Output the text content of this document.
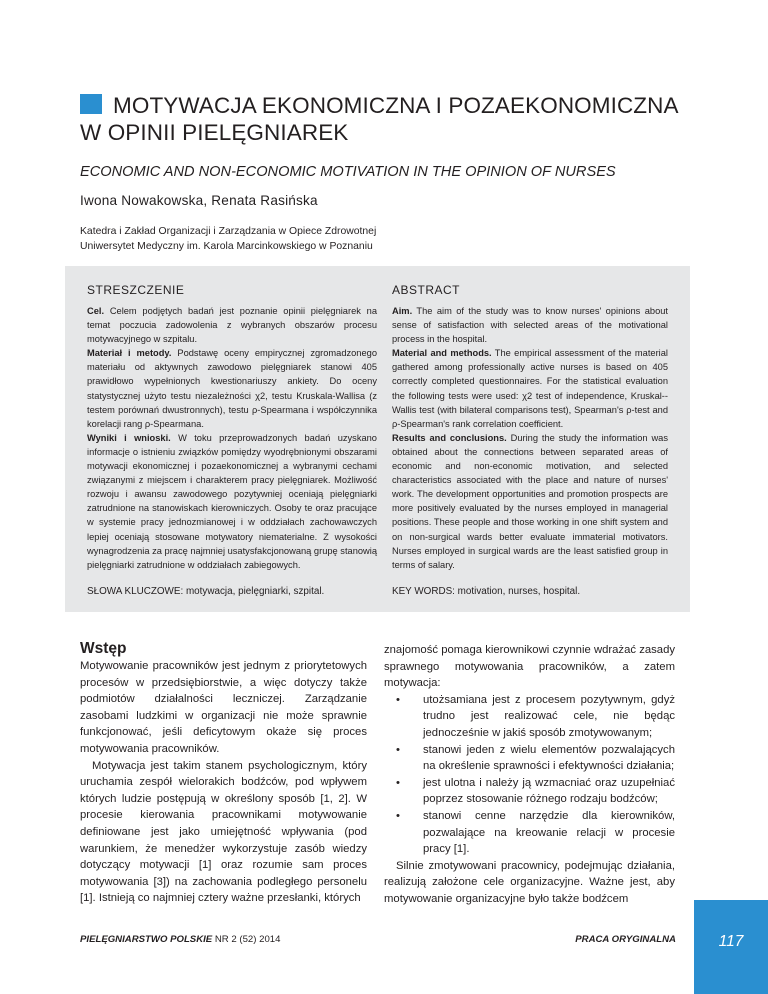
MOTYWACJA EKONOMICZNA I POZAEKONOMICZNA
W OPINII PIELĘGNIAREK
ECONOMIC AND NON-ECONOMIC MOTIVATION IN THE OPINION OF NURSES
Iwona Nowakowska, Renata Rasińska
Katedra i Zakład Organizacji i Zarządzania w Opiece Zdrowotnej
Uniwersytet Medyczny im. Karola Marcinkowskiego w Poznaniu
STRESZCZENIE
Cel. Celem podjętych badań jest poznanie opinii pielęgniarek na temat poczucia zadowolenia z wybranych obszarów procesu motywacyjnego w szpitalu.
Materiał i metody. Podstawę oceny empirycznej zgromadzonego materiału od aktywnych zawodowo pielęgniarek stanowi 405 prawidłowo wypełnionych kwestionariuszy ankiety. Do oceny statystycznej użyto testu niezależności χ2, testu Kruskala-Wallisa (z testem porównań dwustronnych), testu ρ-Spearmana i współczynnika korelacji rang ρ-Spearmana.
Wyniki i wnioski. W toku przeprowadzonych badań uzyskano informacje o istnieniu związków pomiędzy wyodrębnionymi obszarami motywacji ekonomicznej i pozaekonomicznej a wybranymi cechami związanymi z miejscem i charakterem pracy pielęgniarek. Możliwość rozwoju i awansu zawodowego pozytywniej oceniają pielęgniarki zatrudnione na stanowiskach kierowniczych. Osoby te oraz pracujące w systemie pracy jednozmianowej i w oddziałach zachowawczych lepiej oceniają stosowane motywatory niematerialne. Z wysokości wynagrodzenia za pracę najmniej usatysfakcjonowaną grupę stanowią pielęgniarki zatrudnione w oddziałach zabiegowych.
SŁOWA KLUCZOWE: motywacja, pielęgniarki, szpital.
ABSTRACT
Aim. The aim of the study was to know nurses' opinions about sense of satisfaction with selected areas of the motivational process in the hospital.
Material and methods. The empirical assessment of the material gathered among professionally active nurses is based on 405 correctly completed questionnaires. For the statistical evaluation the following tests were used: χ2 test of independence, Kruskal--Wallis test (with bilateral comparisons test), Spearman's ρ-test and ρ-Spearman's rank correlation coefficient.
Results and conclusions. During the study the information was obtained about the connections between separated areas of economic and non-economic motivation, and selected characteristics associated with the place and nature of nurses' work. The development opportunities and promotion prospects are more positively evaluated by the nurses employed in managerial positions. These people and those working in one shift system and on non-surgical wards better evaluate immaterial motivators. Nurses employed in surgical wards are the least satisfied group in terms of salary.
KEY WORDS: motivation, nurses, hospital.
Wstęp

Motywowanie pracowników jest jednym z priorytetowych procesów w przedsiębiorstwie, a więc dotyczy także podmiotów działalności leczniczej. Zarządzanie zasobami ludzkimi w organizacji nie może sprawnie funkcjonować, jeśli deficytowym okaże się proces motywowania pracowników.

Motywacja jest takim stanem psychologicznym, który uruchamia zespół wielorakich bodźców, pod wpływem których ludzie postępują w określony sposób [1, 2]. W procesie kierowania pracownikami motywowanie definiowane jest jako umiejętność wpływania (pod warunkiem, że menedżer wykorzystuje zasób wiedzy dotyczący motywacji [1] oraz rozumie sam proces motywowania [3]) na zachowania podległego personelu [1]. Istnieją co najmniej cztery ważne przesłanki, których

znajomość pomaga kierownikowi czynnie wdrażać zasady sprawnego motywowania pracowników, a zatem motywacja:

• utożsamiana jest z procesem pozytywnym, gdyż trudno jest realizować cele, nie będąc jednocześnie w jakiś sposób zmotywowanym;

• stanowi jeden z wielu elementów pozwalających na określenie sprawności i efektywności działania;

• jest ulotna i należy ją wzmacniać oraz uzupełniać poprzez stosowanie różnego rodzaju bodźców;

• stanowi cenne narzędzie dla kierowników, pozwalające na kreowanie relacji w procesie pracy [1].

Silnie zmotywowani pracownicy, podejmując działania, realizują założone cele organizacyjne. Ważne jest, aby motywowanie organizacyjne było także bodźcem

PIELĘGNIARSTWO POLSKIE NR 2 (52) 2014	PRACA ORYGINALNA	117
